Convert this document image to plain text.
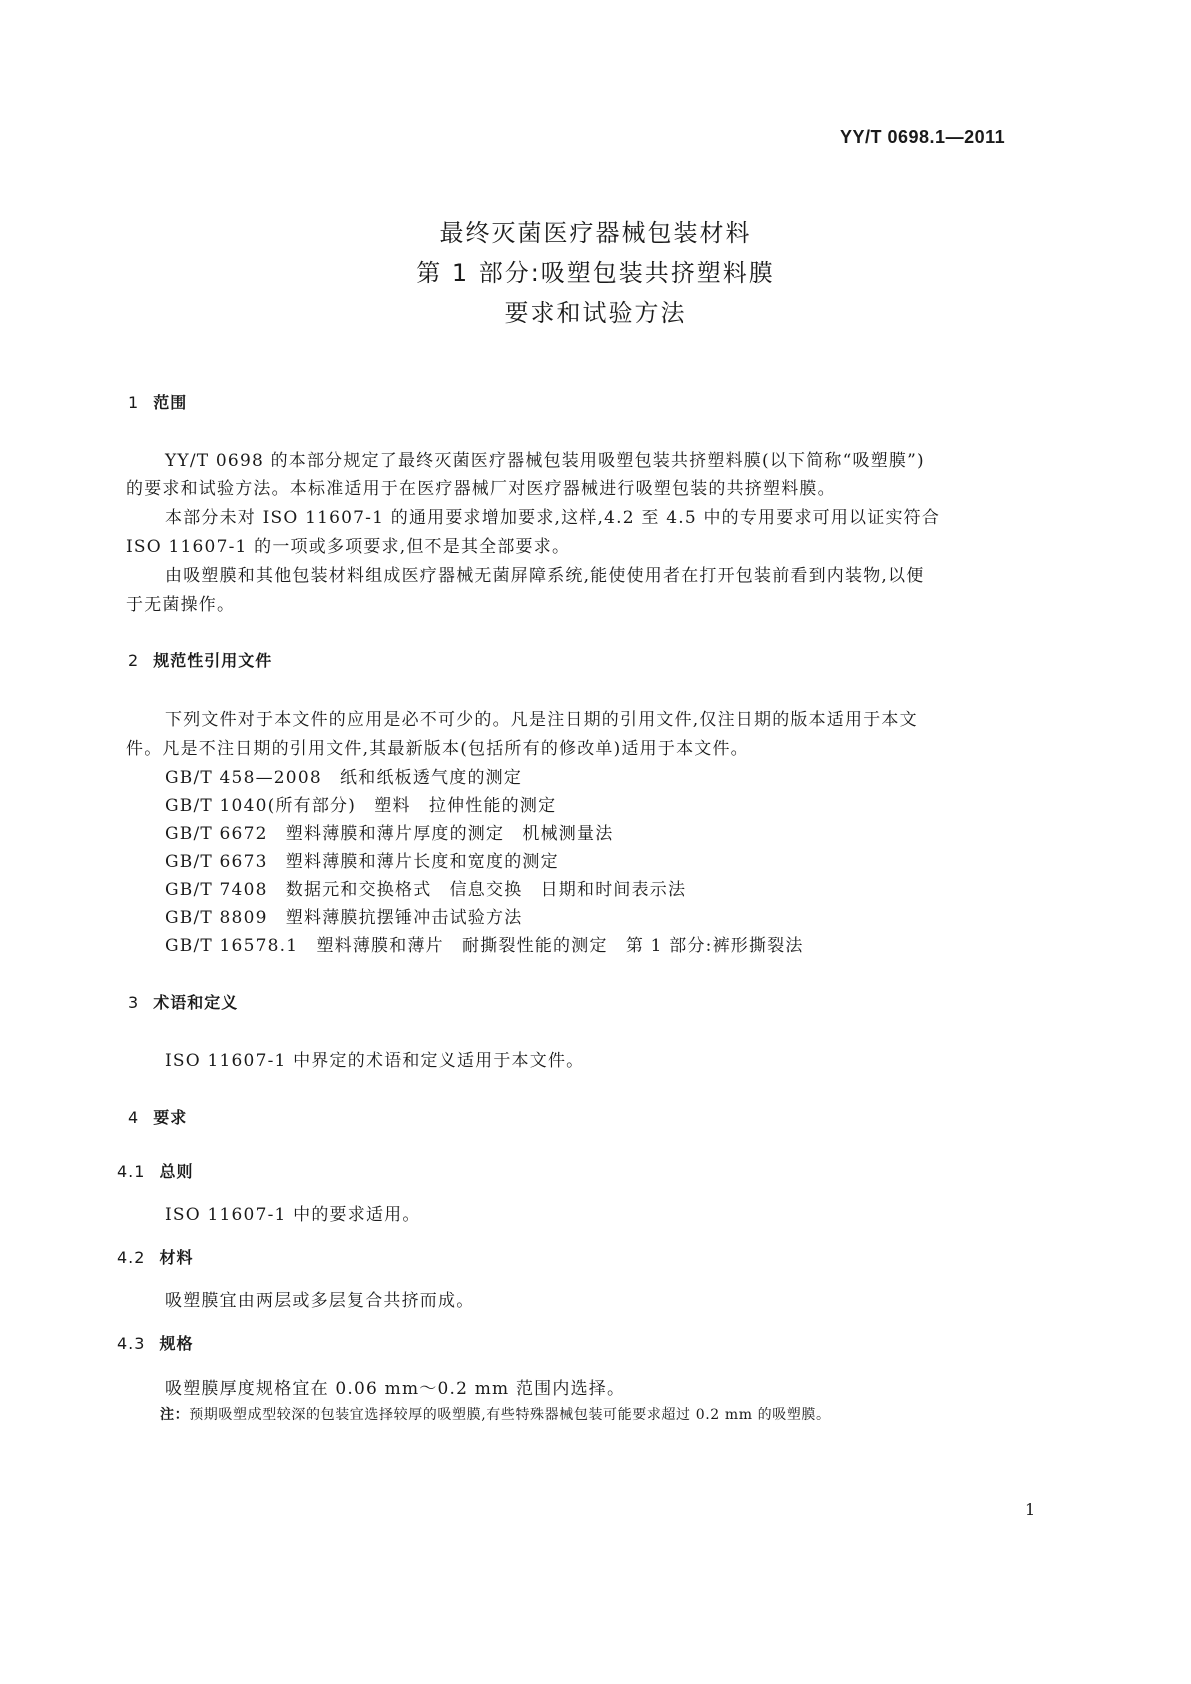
YY/T 0698.1—2011
最终灭菌医疗器械包装材料
第 1 部分:吸塑包装共挤塑料膜
要求和试验方法
1 范围
YY/T 0698 的本部分规定了最终灭菌医疗器械包装用吸塑包装共挤塑料膜(以下简称“吸塑膜”)
的要求和试验方法。本标准适用于在医疗器械厂对医疗器械进行吸塑包装的共挤塑料膜。
本部分未对 ISO 11607-1 的通用要求增加要求,这样,4.2 至 4.5 中的专用要求可用以证实符合
ISO 11607-1 的一项或多项要求,但不是其全部要求。
由吸塑膜和其他包装材料组成医疗器械无菌屏障系统,能使使用者在打开包装前看到内装物,以便
于无菌操作。
2 规范性引用文件
下列文件对于本文件的应用是必不可少的。凡是注日期的引用文件,仅注日期的版本适用于本文
件。凡是不注日期的引用文件,其最新版本(包括所有的修改单)适用于本文件。
GB/T 458—2008　纸和纸板透气度的测定
GB/T 1040(所有部分)　塑料　拉伸性能的测定
GB/T 6672　塑料薄膜和薄片厚度的测定　机械测量法
GB/T 6673　塑料薄膜和薄片长度和宽度的测定
GB/T 7408　数据元和交换格式　信息交换　日期和时间表示法
GB/T 8809　塑料薄膜抗摆锤冲击试验方法
GB/T 16578.1　塑料薄膜和薄片　耐撕裂性能的测定　第 1 部分:裤形撕裂法
3 术语和定义
ISO 11607-1 中界定的术语和定义适用于本文件。
4 要求
4.1 总则
ISO 11607-1 中的要求适用。
4.2 材料
吸塑膜宜由两层或多层复合共挤而成。
4.3 规格
吸塑膜厚度规格宜在 0.06 mm～0.2 mm 范围内选择。
注：预期吸塑成型较深的包装宜选择较厚的吸塑膜,有些特殊器械包装可能要求超过 0.2 mm 的吸塑膜。
1
